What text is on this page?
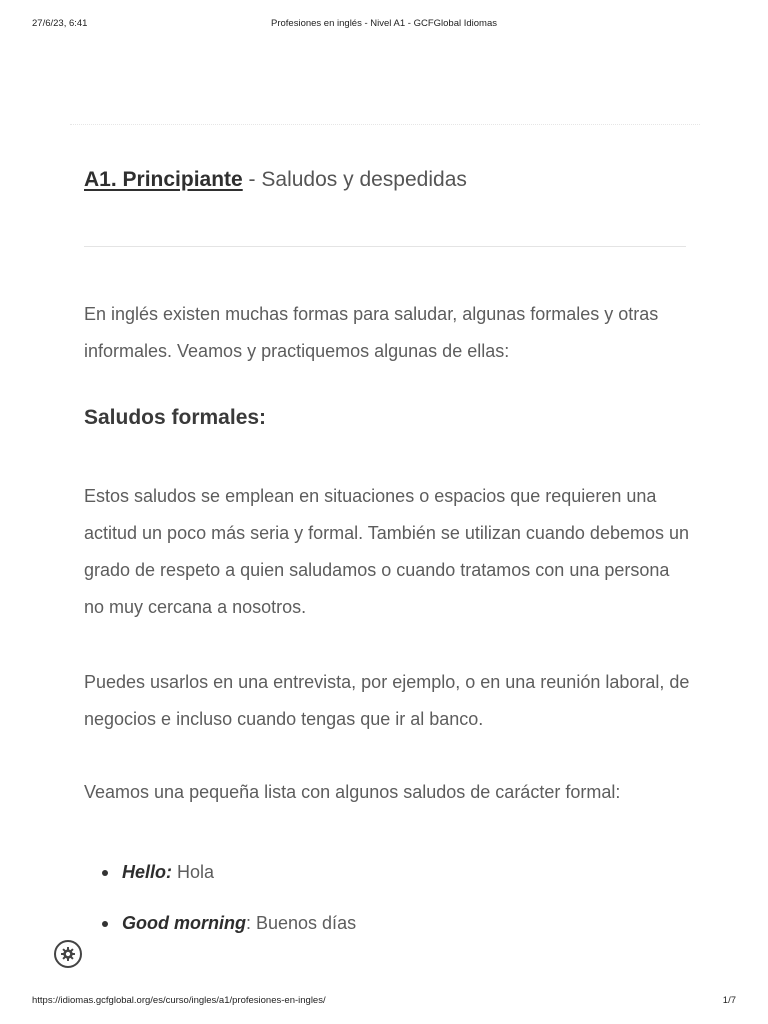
27/6/23, 6:41	Profesiones en inglés - Nivel A1 - GCFGlobal Idiomas
A1. Principiante - Saludos y despedidas

En inglés existen muchas formas para saludar, algunas formales y otras informales. Veamos y practiquemos algunas de ellas:

Saludos formales:

Estos saludos se emplean en situaciones o espacios que requieren una actitud un poco más seria y formal. También se utilizan cuando debemos un grado de respeto a quien saludamos o cuando tratamos con una persona no muy cercana a nosotros.

Puedes usarlos en una entrevista, por ejemplo, o en una reunión laboral, de negocios e incluso cuando tengas que ir al banco.

Veamos una pequeña lista con algunos saludos de carácter formal:

Hello: Hola
Good morning: Buenos días
https://idiomas.gcfglobal.org/es/curso/ingles/a1/profesiones-en-ingles/	1/7
